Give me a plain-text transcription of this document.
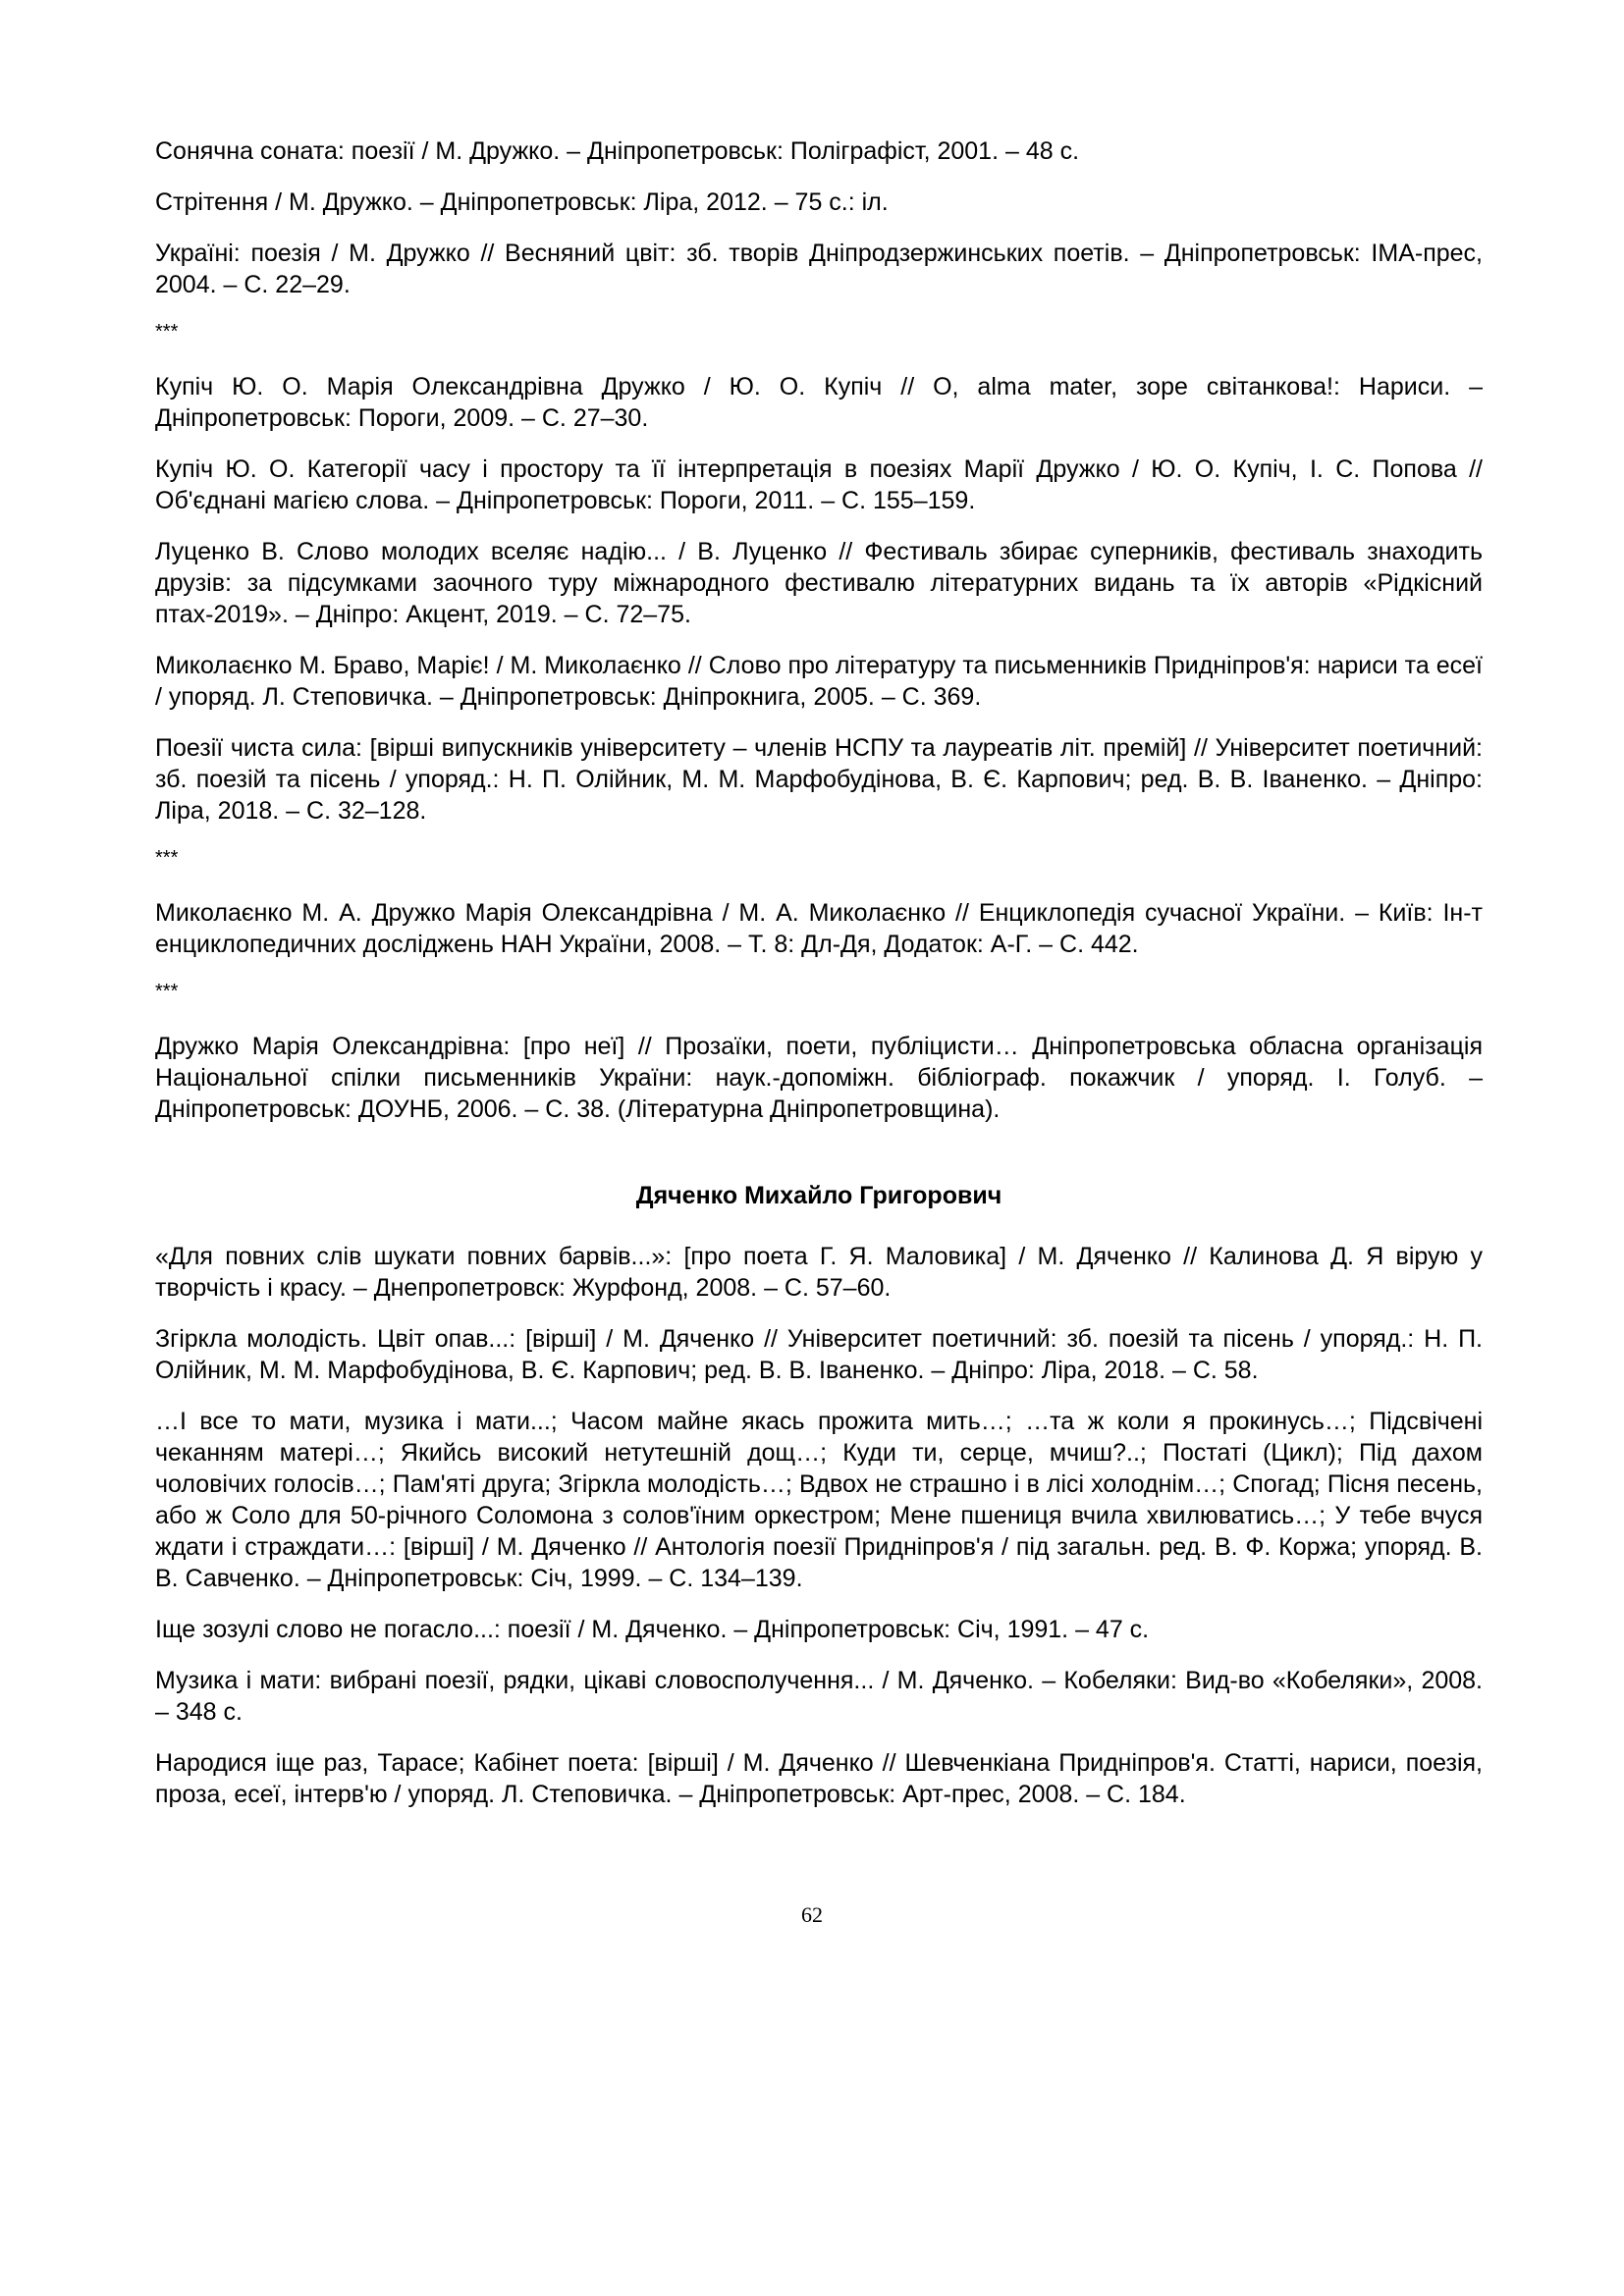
Сонячна соната: поезії / М. Дружко. – Дніпропетровськ: Поліграфіст, 2001. – 48 с.
Стрітення / М. Дружко. – Дніпропетровськ: Ліра, 2012. – 75 с.: іл.
Україні: поезія / М. Дружко // Весняний цвіт: зб. творів Дніпродзержинських поетів. – Дніпропетровськ: ІМА-прес, 2004. – С. 22–29.
***
Купіч Ю. О. Марія Олександрівна Дружко / Ю. О. Купіч // О, alma mater, зоре світанкова!: Нариси. – Дніпропетровськ: Пороги, 2009. – С. 27–30.
Купіч Ю. О. Категорії часу і простору та її інтерпретація в поезіях Марії Дружко / Ю. О. Купіч, І. С. Попова // Об'єднані магією слова. – Дніпропетровськ: Пороги, 2011. – С. 155–159.
Луценко В. Слово молодих вселяє надію... / В. Луценко // Фестиваль збирає суперників, фестиваль знаходить друзів: за підсумками заочного туру міжнародного фестивалю літературних видань та їх авторів «Рідкісний птах-2019». – Дніпро: Акцент, 2019. – С. 72–75.
Миколаєнко М. Браво, Маріє! / М. Миколаєнко // Слово про літературу та письменників Придніпров'я: нариси та есеї / упоряд. Л. Степовичка. – Дніпропетровськ: Дніпрокнига, 2005. – С. 369.
Поезії чиста сила: [вірші випускників університету – членів НСПУ та лауреатів літ. премій] // Університет поетичний: зб. поезій та пісень / упоряд.: Н. П. Олійник, М. М. Марфобудінова, В. Є. Карпович; ред. В. В. Іваненко. – Дніпро: Ліра, 2018. – С. 32–128.
***
Миколаєнко М. А. Дружко Марія Олександрівна / М. А. Миколаєнко // Енциклопедія сучасної України. – Київ: Ін-т енциклопедичних досліджень НАН України, 2008. – Т. 8: Дл-Дя, Додаток: А-Г. – С. 442.
***
Дружко Марія Олександрівна: [про неї] // Прозаїки, поети, публіцисти… Дніпропетровська обласна організація Національної спілки письменників України: наук.-допоміжн. бібліограф. покажчик / упоряд. І. Голуб. – Дніпропетровськ: ДОУНБ, 2006. – С. 38. (Літературна Дніпропетровщина).
Дяченко Михайло Григорович
«Для повних слів шукати повних барвів...»: [про поета Г. Я. Маловика] / М. Дяченко // Калинова Д. Я вірую у творчість і красу. – Днепропетровск: Журфонд, 2008. – С. 57–60.
Згіркла молодість. Цвіт опав...: [вірші] / М. Дяченко // Університет поетичний: зб. поезій та пісень / упоряд.: Н. П. Олійник, М. М. Марфобудінова, В. Є. Карпович; ред. В. В. Іваненко. – Дніпро: Ліра, 2018. – С. 58.
…І все то мати, музика і мати...; Часом майне якась прожита мить…; …та ж коли я прокинусь…; Підсвічені чеканням матері…; Якийсь високий нетутешній дощ…; Куди ти, серце, мчиш?..; Постаті (Цикл); Під дахом чоловічих голосів…; Пам'яті друга; Згіркла молодість…; Вдвох не страшно і в лісі холоднім…; Спогад; Пісня песень, або ж Соло для 50-річного Соломона з солов'їним оркестром; Мене пшениця вчила хвилюватись…; У тебе вчуся ждати і страждати…: [вірші] / М. Дяченко // Антологія поезії Придніпров'я / під загальн. ред. В. Ф. Коржа; упоряд. В. В. Савченко. – Дніпропетровськ: Січ, 1999. – С. 134–139.
Іще зозулі слово не погасло...: поезії / М. Дяченко. – Дніпропетровськ: Січ, 1991. – 47 с.
Музика і мати: вибрані поезії, рядки, цікаві словосполучення... / М. Дяченко. – Кобеляки: Вид-во «Кобеляки», 2008. – 348 с.
Народися іще раз, Тарасе; Кабінет поета: [вірші] / М. Дяченко // Шевченкіана Придніпров'я. Статті, нариси, поезія, проза, есеї, інтерв'ю / упоряд. Л. Степовичка. – Дніпропетровськ: Арт-прес, 2008. – С. 184.
62
